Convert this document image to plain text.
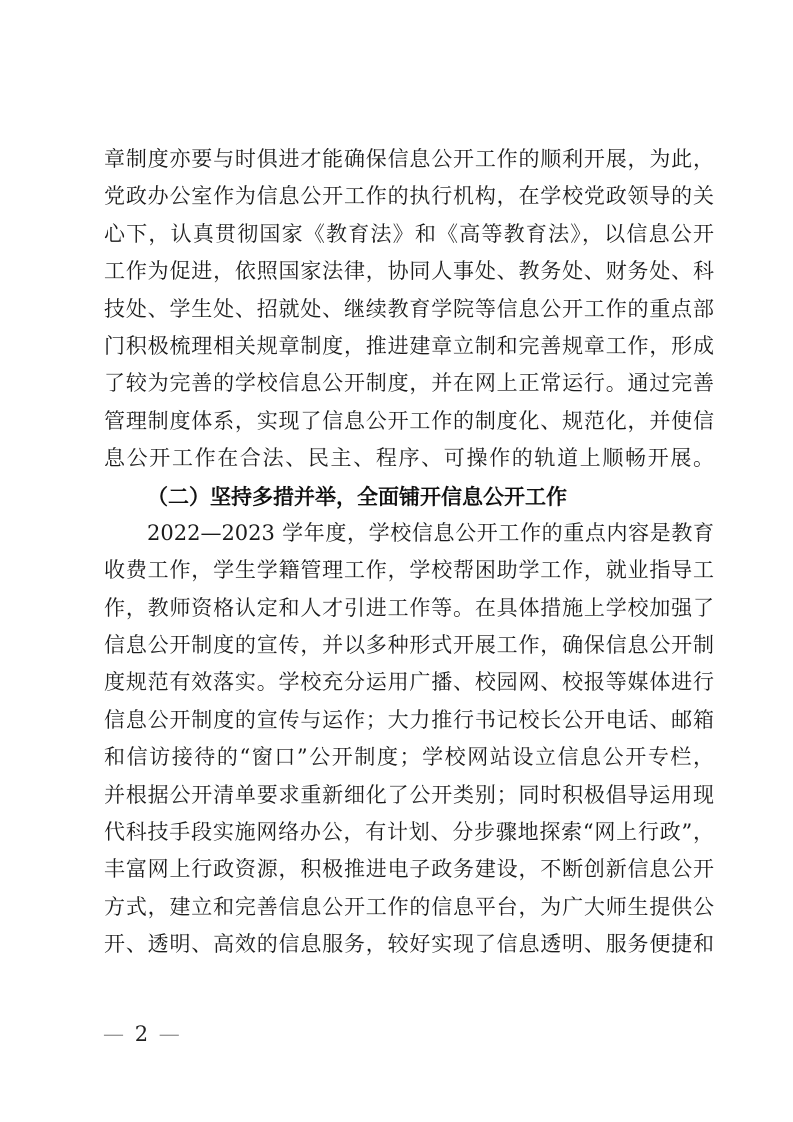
章制度亦要与时俱进才能确保信息公开工作的顺利开展，为此，

党政办公室作为信息公开工作的执行机构，在学校党政领导的关

心下，认真贯彻国家《教育法》和《高等教育法》，以信息公开

工作为促进，依照国家法律，协同人事处、教务处、财务处、科

技处、学生处、招就处、继续教育学院等信息公开工作的重点部

门积极梳理相关规章制度，推进建章立制和完善规章工作，形成

了较为完善的学校信息公开制度，并在网上正常运行。通过完善

管理制度体系，实现了信息公开工作的制度化、规范化，并使信

息公开工作在合法、民主、程序、可操作的轨道上顺畅开展。

（二）坚持多措并举，全面铺开信息公开工作

2022—2023 学年度，学校信息公开工作的重点内容是教育

收费工作，学生学籍管理工作，学校帮困助学工作，就业指导工

作，教师资格认定和人才引进工作等。在具体措施上学校加强了

信息公开制度的宣传，并以多种形式开展工作，确保信息公开制

度规范有效落实。学校充分运用广播、校园网、校报等媒体进行

信息公开制度的宣传与运作；大力推行书记校长公开电话、邮箱

和信访接待的“窗口”公开制度；学校网站设立信息公开专栏，

并根据公开清单要求重新细化了公开类别；同时积极倡导运用现

代科技手段实施网络办公，有计划、分步骤地探索“网上行政”，

丰富网上行政资源，积极推进电子政务建设，不断创新信息公开

方式，建立和完善信息公开工作的信息平台，为广大师生提供公

开、透明、高效的信息服务，较好实现了信息透明、服务便捷和

— 2 —
